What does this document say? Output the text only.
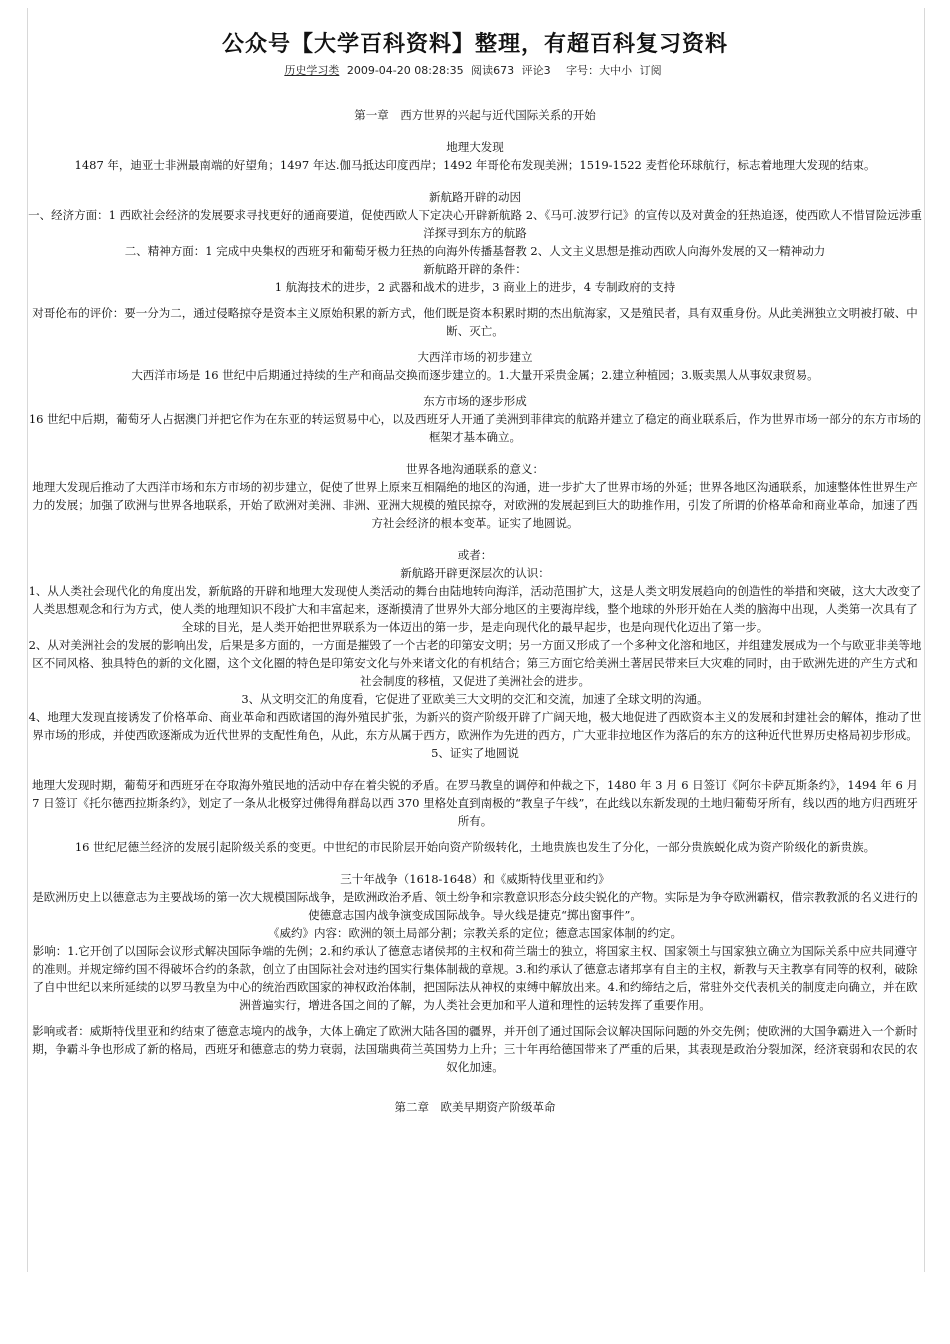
公众号【大学百科资料】整理，有超百科复习资料
历史学习类 2009-04-20 08:28:35 阅读673 评论3 字号：大中小 订阅

第一章　西方世界的兴起与近代国际关系的开始

地理大发现

1487 年，迪亚士非洲最南端的好望角；1497 年达.伽马抵达印度西岸；1492 年哥伦布发现美洲；1519-1522 麦哲伦环球航行，标志着地理大发现的结束。

新航路开辟的动因

一、经济方面：1 西欧社会经济的发展要求寻找更好的通商要道，促使西欧人下定决心开辟新航路 2、《马可.波罗行记》的宣传以及对黄金的狂热追逐，使西欧人不惜冒险远涉重洋探寻到东方的航路

二、精神方面：1 完成中央集权的西班牙和葡萄牙极力狂热的向海外传播基督教 2、人文主义思想是推动西欧人向海外发展的又一精神动力

新航路开辟的条件：

1 航海技术的进步，2 武器和战术的进步，3 商业上的进步，4 专制政府的支持

对哥伦布的评价：要一分为二，通过侵略掠夺是资本主义原始积累的新方式，他们既是资本积累时期的杰出航海家，又是殖民者，具有双重身份。从此美洲独立文明被打破、中断、灭亡。

大西洋市场的初步建立

大西洋市场是 16 世纪中后期通过持续的生产和商品交换而逐步建立的。1.大量开采贵金属；2.建立种植园；3.贩卖黑人从事奴隶贸易。

东方市场的逐步形成

16 世纪中后期，葡萄牙人占据澳门并把它作为在东亚的转运贸易中心，以及西班牙人开通了美洲到菲律宾的航路并建立了稳定的商业联系后，作为世界市场一部分的东方市场的框架才基本确立。

世界各地沟通联系的意义：

地理大发现后推动了大西洋市场和东方市场的初步建立，促使了世界上原来互相隔绝的地区的沟通，进一步扩大了世界市场的外延；世界各地区沟通联系，加速整体性世界生产力的发展；加强了欧洲与世界各地联系，开始了欧洲对美洲、非洲、亚洲大规模的殖民掠夺，对欧洲的发展起到巨大的助推作用，引发了所谓的价格革命和商业革命，加速了西方社会经济的根本变革。证实了地圆说。

或者：

新航路开辟更深层次的认识：

1、从人类社会现代化的角度出发，新航路的开辟和地理大发现使人类活动的舞台由陆地转向海洋，活动范围扩大，这是人类文明发展趋向的创造性的举措和突破，这大大改变了人类思想观念和行为方式，使人类的地理知识不段扩大和丰富起来，逐渐摸清了世界外大部分地区的主要海岸线，整个地球的外形开始在人类的脑海中出现，人类第一次具有了全球的目光，是人类开始把世界联系为一体迈出的第一步，是走向现代化的最早起步，也是向现代化迈出了第一步。

2、从对美洲社会的发展的影响出发，后果是多方面的，一方面是摧毁了一个古老的印第安文明；另一方面又形成了一个多种文化溶和地区，并组建发展成为一个与欧亚非美等地区不同风格、独具特色的新的文化圈，这个文化圈的特色是印第安文化与外来诸文化的有机结合；第三方面它给美洲土著居民带来巨大灾难的同时，由于欧洲先进的产生方式和社会制度的移植，又促进了美洲社会的进步。

3、从文明交汇的角度看，它促进了亚欧美三大文明的交汇和交流，加速了全球文明的沟通。

4、地理大发现直接诱发了价格革命、商业革命和西欧诸国的海外殖民扩张，为新兴的资产阶级开辟了广阔天地，极大地促进了西欧资本主义的发展和封建社会的解体，推动了世界市场的形成，并使西欧逐渐成为近代世界的支配性角色，从此，东方从属于西方，欧洲作为先进的西方，广大亚非拉地区作为落后的东方的这种近代世界历史格局初步形成。

5、证实了地圆说

地理大发现时期，葡萄牙和西班牙在夺取海外殖民地的活动中存在着尖锐的矛盾。在罗马教皇的调停和仲裁之下，1480 年 3 月 6 日签订《阿尔卡萨瓦斯条约》，1494 年 6 月 7 日签订《托尔德西拉斯条约》，划定了一条从北极穿过佛得角群岛以西 370 里格处直到南极的“教皇子午线”，在此线以东新发现的土地归葡萄牙所有，线以西的地方归西班牙所有。

16 世纪尼德兰经济的发展引起阶级关系的变更。中世纪的市民阶层开始向资产阶级转化，土地贵族也发生了分化，一部分贵族蜕化成为资产阶级化的新贵族。

三十年战争（1618-1648）和《威斯特伐里亚和约》

是欧洲历史上以德意志为主要战场的第一次大规模国际战争，是欧洲政治矛盾、领土纷争和宗教意识形态分歧尖锐化的产物。实际是为争夺欧洲霸权，借宗教教派的名义进行的使德意志国内战争演变成国际战争。导火线是捷克“掷出窗事件”。

《威约》内容：欧洲的领土局部分割；宗教关系的定位；德意志国家体制的约定。

影响：1.它开创了以国际会议形式解决国际争端的先例；2.和约承认了德意志诸侯邦的主权和荷兰瑞士的独立，将国家主权、国家领土与国家独立确立为国际关系中应共同遵守的准则。并规定缔约国不得破坏合约的条款，创立了由国际社会对违约国实行集体制裁的章规。3.和约承认了德意志诸邦享有自主的主权，新教与天主教享有同等的权利，破除了自中世纪以来所延续的以罗马教皇为中心的统治西欧国家的神权政治体制，把国际法从神权的束缚中解放出来。4.和约缔结之后，常驻外交代表机关的制度走向确立，并在欧洲普遍实行，增进各国之间的了解，为人类社会更加和平人道和理性的运转发挥了重要作用。

影响或者：威斯特伐里亚和约结束了德意志境内的战争，大体上确定了欧洲大陆各国的疆界，并开创了通过国际会议解决国际问题的外交先例；使欧洲的大国争霸进入一个新时期，争霸斗争也形成了新的格局，西班牙和德意志的势力衰弱，法国瑞典荷兰英国势力上升；三十年再给德国带来了严重的后果，其表现是政治分裂加深，经济衰弱和农民的农奴化加速。

第二章　欧美早期资产阶级革命
